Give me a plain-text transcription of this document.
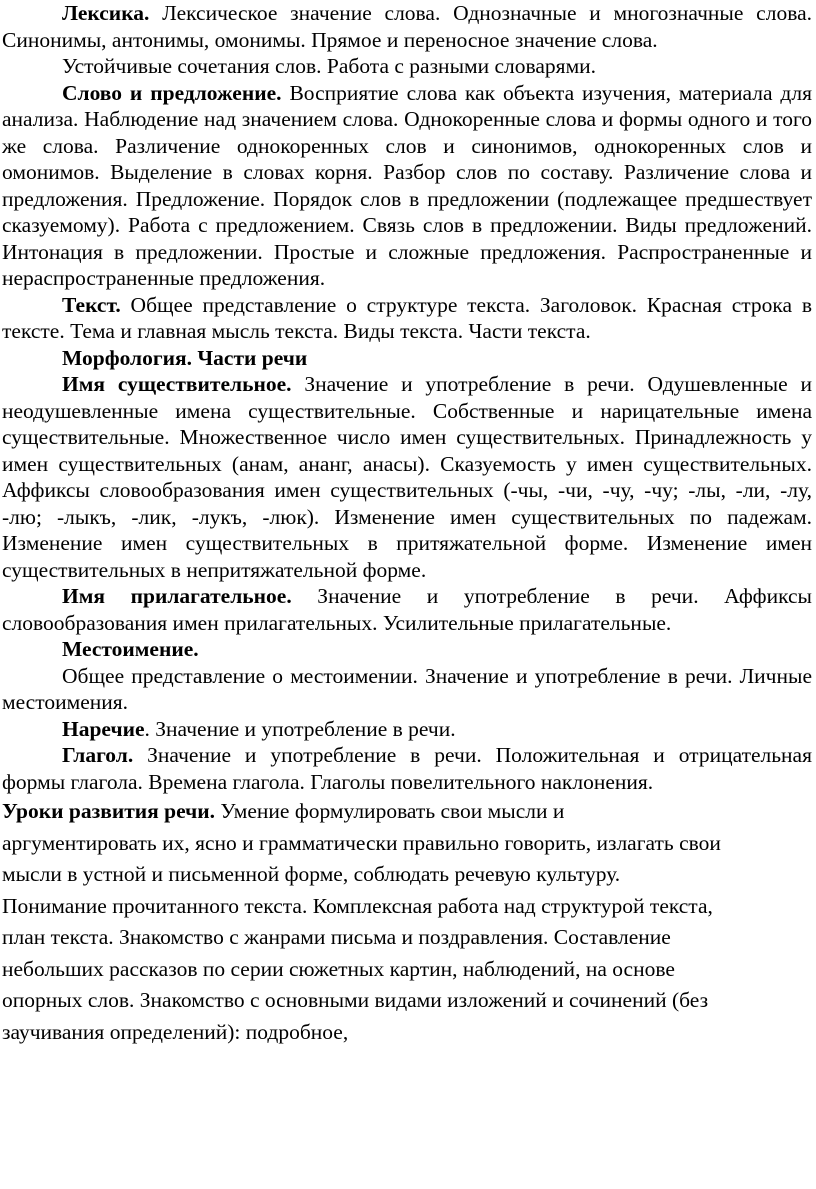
Лексика. Лексическое значение слова. Однозначные и многозначные слова. Синонимы, антонимы, омонимы. Прямое и переносное значение слова.

Устойчивые сочетания слов. Работа с разными словарями.

Слово и предложение. Восприятие слова как объекта изучения, материала для анализа. Наблюдение над значением слова. Однокоренные слова и формы одного и того же слова. Различение однокоренных слов и синонимов, однокоренных слов и омонимов. Выделение в словах корня. Разбор слов по составу. Различение слова и предложения. Предложение. Порядок слов в предложении (подлежащее предшествует сказуемому). Работа с предложением. Связь слов в предложении. Виды предложений. Интонация в предложении. Простые и сложные предложения. Распространенные и нераспространенные предложения.

Текст. Общее представление о структуре текста. Заголовок. Красная строка в тексте. Тема и главная мысль текста. Виды текста. Части текста.

Морфология. Части речи

Имя существительное. Значение и употребление в речи. Одушевленные и неодушевленные имена существительные. Собственные и нарицательные имена существительные. Множественное число имен существительных. Принадлежность у имен существительных (анам, ананг, анасы). Сказуемость у имен существительных. Аффиксы словообразования имен существительных (-чы, -чи, -чу, -чу; -лы, -ли, -лу, -лю; -лыкъ, -лик, -лукъ, -люк). Изменение имен существительных по падежам. Изменение имен существительных в притяжательной форме. Изменение имен существительных в непритяжательной форме.

Имя прилагательное. Значение и употребление в речи. Аффиксы словообразования имен прилагательных. Усилительные прилагательные.

Местоимение.

Общее представление о местоимении. Значение и употребление в речи. Личные местоимения.

Наречие. Значение и употребление в речи.

Глагол. Значение и употребление в речи. Положительная и отрицательная формы глагола. Времена глагола. Глаголы повелительного наклонения.

Уроки развития речи. Умение формулировать свои мысли и
аргументировать их, ясно и грамматически правильно говорить, излагать свои
мысли в устной и письменной форме, соблюдать речевую культуру.
Понимание прочитанного текста. Комплексная работа над структурой текста,
план текста. Знакомство с жанрами письма и поздравления. Составление
небольших рассказов по серии сюжетных картин, наблюдений, на основе
опорных слов. Знакомство с основными видами изложений и сочинений (без
заучивания определений): подробное,
